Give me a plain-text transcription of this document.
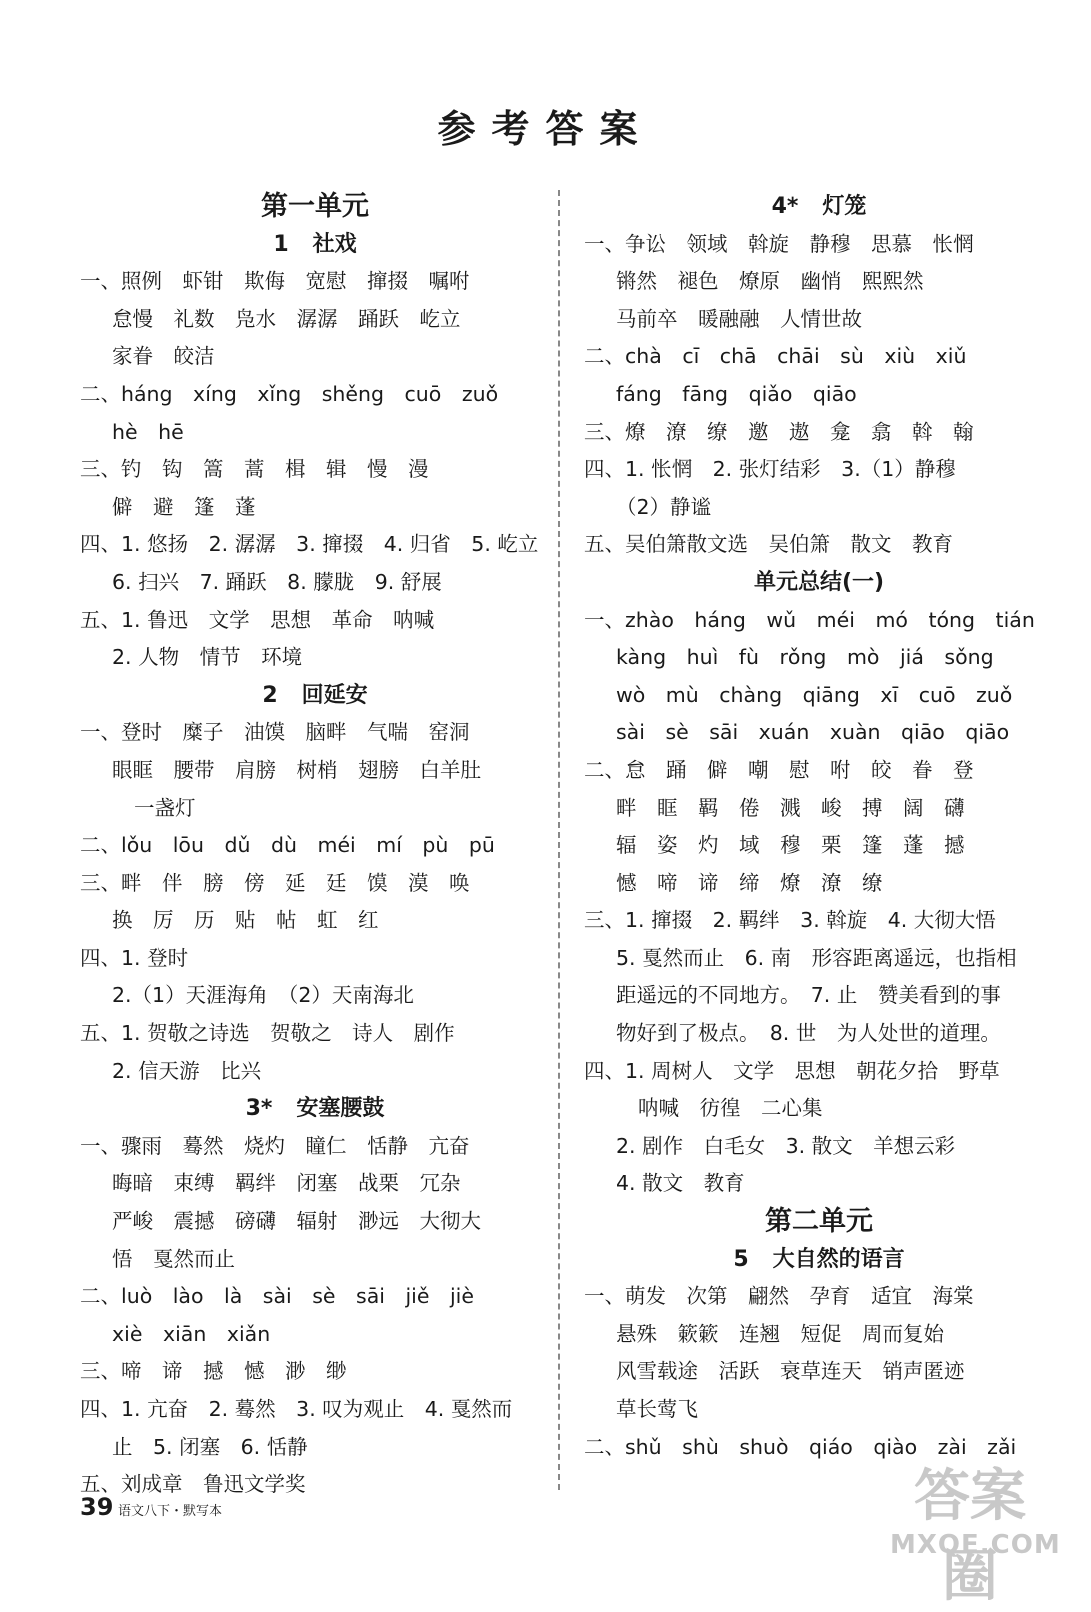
参考答案
第一单元
1 社戏
一、照例　虾钳　欺侮　宽慰　撺掇　嘱咐
怠慢　礼数　凫水　潺潺　踊跃　屹立
家眷　皎洁
二、háng　xíng　xǐng　shěng　cuō　zuǒ
hè　hē
三、钓　钩　篙　蒿　楫　辑　慢　漫
僻　避　篷　蓬
四、1. 悠扬　2. 潺潺　3. 撺掇　4. 归省　5. 屹立
6. 扫兴　7. 踊跃　8. 朦胧　9. 舒展
五、1. 鲁迅　文学　思想　革命　呐喊
2. 人物　情节　环境
2 回延安
一、登时　糜子　油馍　脑畔　气喘　窑洞
眼眶　腰带　肩膀　树梢　翅膀　白羊肚
一盏灯
二、lǒu　lōu　dǔ　dù　méi　mí　pù　pū
三、畔　伴　膀　傍　延　廷　馍　漠　唤
换　厉　历　贴　帖　虹　红
四、1. 登时
2.（1）天涯海角　（2）天南海北
五、1. 贺敬之诗选　贺敬之　诗人　剧作
2. 信天游　比兴
3* 安塞腰鼓
一、骤雨　蓦然　烧灼　瞳仁　恬静　亢奋
晦暗　束缚　羁绊　闭塞　战栗　冗杂
严峻　震撼　磅礴　辐射　渺远　大彻大
悟　戛然而止
二、luò　lào　là　sài　sè　sāi　jiě　jiè
xiè　xiān　xiǎn
三、啼　谛　撼　憾　渺　缈
四、1. 亢奋　2. 蓦然　3. 叹为观止　4. 戛然而
止　5. 闭塞　6. 恬静
五、刘成章　鲁迅文学奖
4* 灯笼
一、争讼　领域　斡旋　静穆　思慕　怅惘
锵然　褪色　燎原　幽悄　熙熙然
马前卒　暖融融　人情世故
二、chà　cī　chā　chāi　sù　xiù　xiǔ
fáng　fāng　qiǎo　qiāo
三、燎　潦　缭　邀　遨　龛　翕　斡　翰
四、1. 怅惘　2. 张灯结彩　3.（1）静穆
（2）静谧
五、吴伯箫散文选　吴伯箫　散文　教育
单元总结(一)
一、zhào　háng　wǔ　méi　mó　tóng　tián
kàng　huì　fù　rǒng　mò　jiá　sǒng
wò　mù　chàng　qiāng　xī　cuō　zuǒ
sài　sè　sāi　xuán　xuàn　qiāo　qiāo
二、怠　踊　僻　嘲　慰　咐　皎　眷　登
畔　眶　羁　倦　溅　峻　搏　阔　礴
辐　姿　灼　域　穆　栗　篷　蓬　撼
憾　啼　谛　缔　燎　潦　缭
三、1. 撺掇　2. 羁绊　3. 斡旋　4. 大彻大悟
5. 戛然而止　6. 南　形容距离遥远，也指相
距遥远的不同地方。　7. 止　赞美看到的事
物好到了极点。　8. 世　为人处世的道理。
四、1. 周树人　文学　思想　朝花夕拾　野草
呐喊　彷徨　二心集
2. 剧作　白毛女　3. 散文　羊想云彩
4. 散文　教育
第二单元
5 大自然的语言
一、萌发　次第　翩然　孕育　适宜　海棠
悬殊　簌簌　连翘　短促　周而复始
风雪载途　活跃　衰草连天　销声匿迹
草长莺飞
二、shǔ　shù　shuò　qiáo　qiào　zài　zǎi
39 语文八下・默写本	答案圈
MXQE.COM
